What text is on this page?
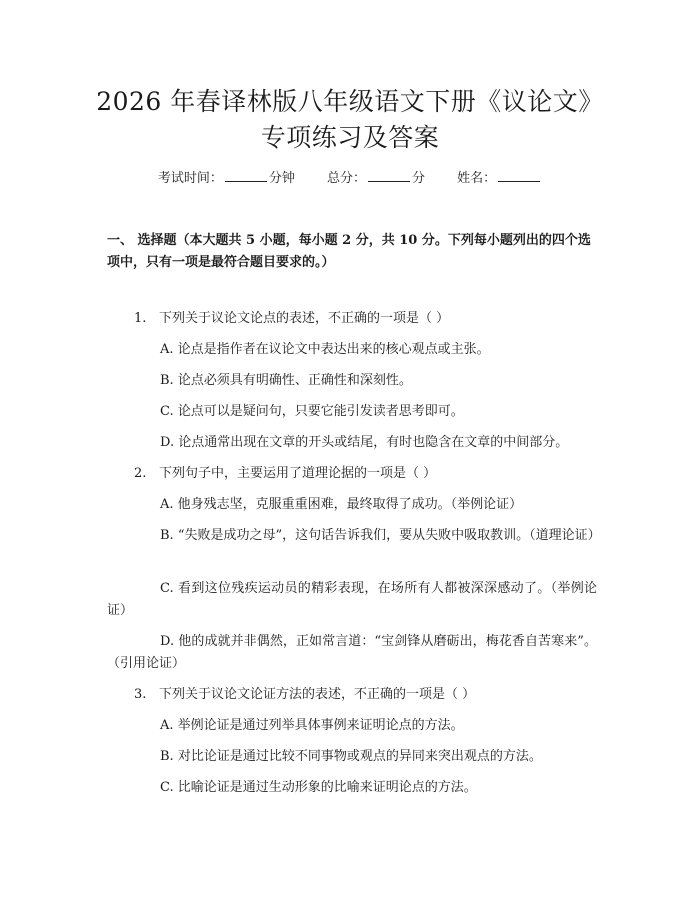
2026 年春译林版八年级语文下册《议论文》
专项练习及答案
考试时间：	分钟 总分：	分 姓名：
一、 选择题（本大题共 5 小题，每小题 2 分，共 10 分。下列每小题列出的四个选项中，只有一项是最符合题目要求的。）
1. 下列关于议论文论点的表述，不正确的一项是（ ）
A. 论点是指作者在议论文中表达出来的核心观点或主张。
B. 论点必须具有明确性、正确性和深刻性。
C. 论点可以是疑问句，只要它能引发读者思考即可。
D. 论点通常出现在文章的开头或结尾，有时也隐含在文章的中间部分。
2. 下列句子中，主要运用了道理论据的一项是（ ）
A. 他身残志坚，克服重重困难，最终取得了成功。（举例论证）
B. “失败是成功之母”，这句话告诉我们，要从失败中吸取教训。（道理论证）
C. 看到这位残疾运动员的精彩表现，在场所有人都被深深感动了。（举例论证）
D. 他的成就并非偶然，正如常言道：“宝剑锋从磨砺出，梅花香自苦寒来”。（引用论证）
3. 下列关于议论文论证方法的表述，不正确的一项是（ ）
A. 举例论证是通过列举具体事例来证明论点的方法。
B. 对比论证是通过比较不同事物或观点的异同来突出观点的方法。
C. 比喻论证是通过生动形象的比喻来证明论点的方法。
